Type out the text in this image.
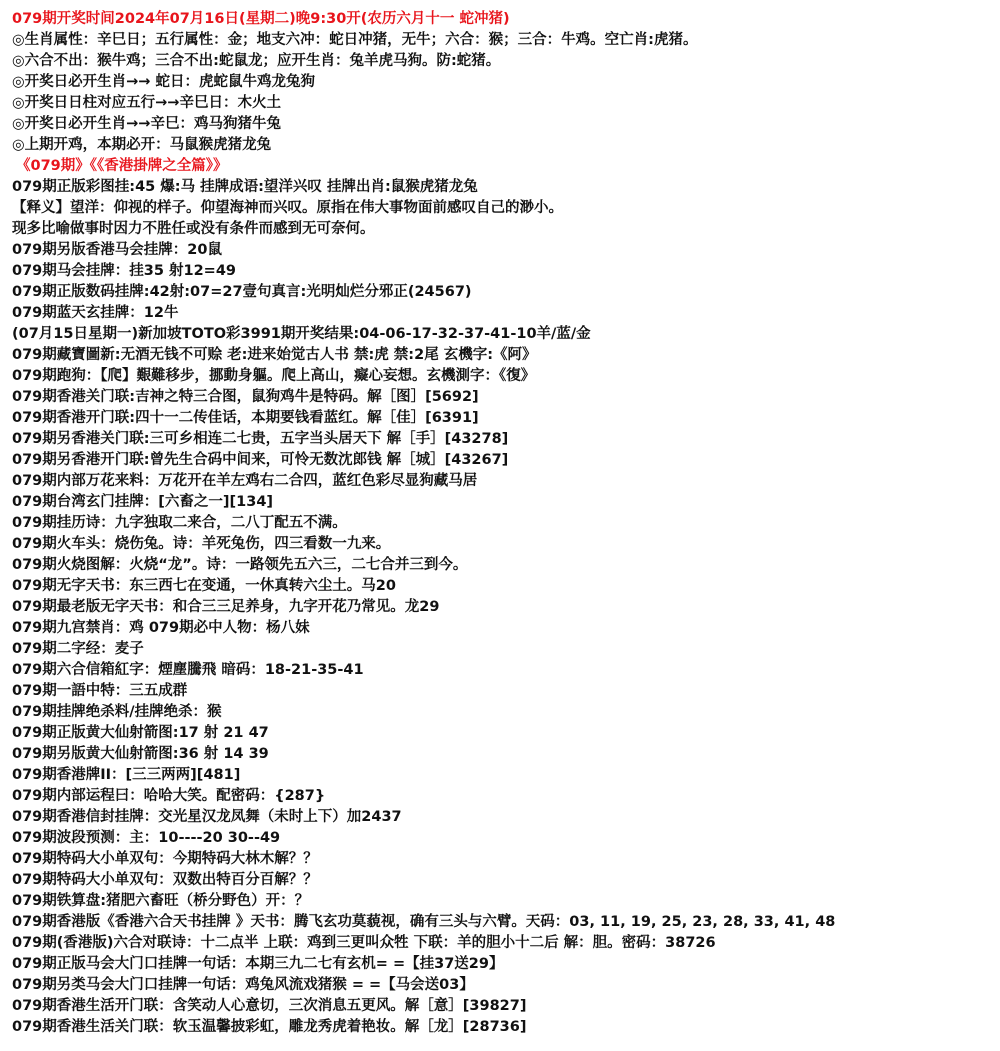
079期开奖时间2024年07月16日(星期二)晚9:30开(农历六月十一 蛇冲猪)
◎生肖属性：辛巳日；五行属性：金；地支六冲：蛇日冲猪，无牛；六合：猴；三合：牛鸡。空亡肖:虎猪。
◎六合不出：猴牛鸡；三合不出:蛇鼠龙；应开生肖：兔羊虎马狗。防:蛇猪。
◎开奖日必开生肖→→ 蛇日：虎蛇鼠牛鸡龙兔狗
◎开奖日日柱对应五行→→辛巳日：木火土
◎开奖日必开生肖→→辛巳：鸡马狗猪牛兔
◎上期开鸡，本期必开：马鼠猴虎猪龙兔
《079期》《《香港掛牌之全篇》》
079期正版彩图挂:45 爆:马 挂牌成语:望洋兴叹 挂牌出肖:鼠猴虎猪龙兔
【释义】望洋：仰视的样子。仰望海神而兴叹。原指在伟大事物面前感叹自己的渺小。
现多比喻做事时因力不胜任或没有条件而感到无可奈何。
079期另版香港马会挂牌：20鼠
079期马会挂牌：挂35 射12=49
079期正版数码挂牌:42射:07=27壹句真言:光明灿烂分邪正(24567)
079期蓝天玄挂牌：12牛
(07月15日星期一)新加坡TOTO彩3991期开奖结果:04-06-17-32-37-41-10羊/蓝/金
079期藏寶圖新:无酒无钱不可赊 老:进来始觉古人书 禁:虎 禁:2尾 玄機字:《阿》
079期跑狗：【爬】艱難移步，挪動身軀。爬上高山，癡心妄想。玄機測字：《復》
079期香港关门联:吉神之特三合图，鼠狗鸡牛是特码。解［图］[5692]
079期香港开门联:四十一二传佳话，本期要钱看蓝红。解［佳］[6391]
079期另香港关门联:三可乡相连二七贵，五字当头居天下 解［手］[43278]
079期另香港开门联:曾先生合码中间来，可怜无数沈郎钱 解［城］[43267]
079期内部万花来料：万花开在羊左鸡右二合四，蓝红色彩尽显狗藏马居
079期台湾玄门挂牌：[六畜之一][134]
079期挂历诗：九字独取二来合，二八丁配五不满。
079期火车头：烧伤兔。诗：羊死兔伤，四三看数一九来。
079期火烧图解：火烧“龙”。诗：一路领先五六三，二七合并三到今。
079期无字天书：东三西七在变通，一休真转六尘土。马20
079期最老版无字天书：和合三三足养身，九字开花乃常见。龙29
079期九宫禁肖：鸡 079期必中人物：杨八妹
079期二字经：麦子
079期六合信箱紅字：煙塵騰飛 暗码：18-21-35-41
079期一語中特：三五成群
079期挂牌绝杀料/挂牌绝杀：猴
079期正版黄大仙射箭图:17 射 21 47
079期另版黄大仙射箭图:36 射 14 39
079期香港牌II：[三三两两][481]
079期内部运程曰：哈哈大笑。配密码：{287}
079期香港信封挂牌：交光星汉龙凤舞（未时上下）加2437
079期波段预测：主：10----20 30--49
079期特码大小单双句：今期特码大林木解？？
079期特码大小单双句：双数出特百分百解？？
079期铁算盘:猪肥六畜旺（桥分野色）开：？
079期香港版《香港六合天书挂牌 》天书：腾飞玄功莫藐视，确有三头与六臂。天码：03, 11, 19, 25, 23, 28, 33, 41, 48
079期(香港版)六合对联诗：十二点半 上联：鸡到三更叫众牲 下联：羊的胆小十二后 解：胆。密码：38726
079期正版马会大门口挂牌一句话：本期三九二七有玄机= =【挂37送29】
079期另类马会大门口挂牌一句话：鸡兔风流戏猪猴 = =【马会送03】
079期香港生活开门联：含笑动人心意切，三次消息五更风。解［意］[39827]
079期香港生活关门联：软玉温馨披彩虹，雕龙秀虎着艳妆。解［龙］[28736]
